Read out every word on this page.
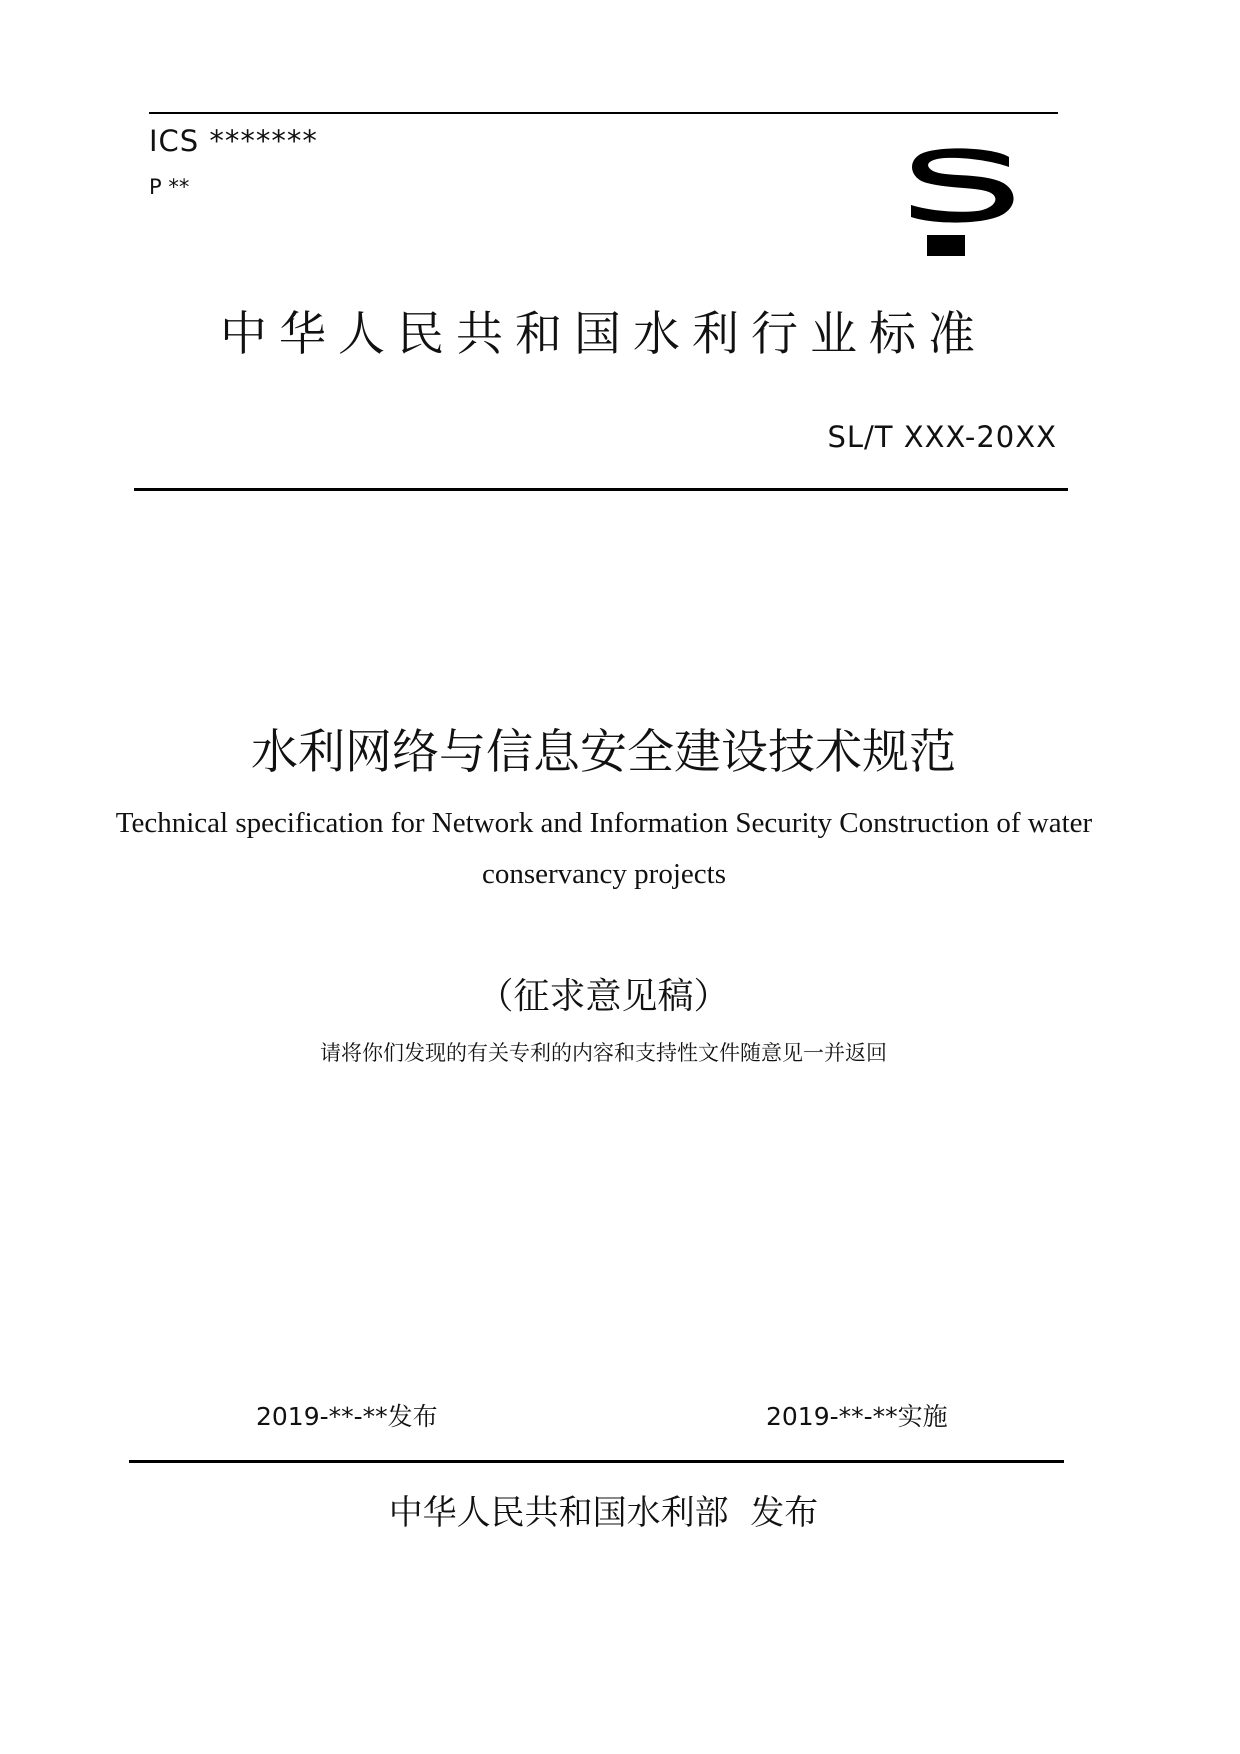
ICS *******
P **
中华人民共和国水利行业标准
SL/T XXX-20XX
水利网络与信息安全建设技术规范
Technical specification for Network and Information Security Construction of water conservancy projects
（征求意见稿）
请将你们发现的有关专利的内容和支持性文件随意见一并返回
2019-**-**发布	2019-**-**实施
中华人民共和国水利部  发布
